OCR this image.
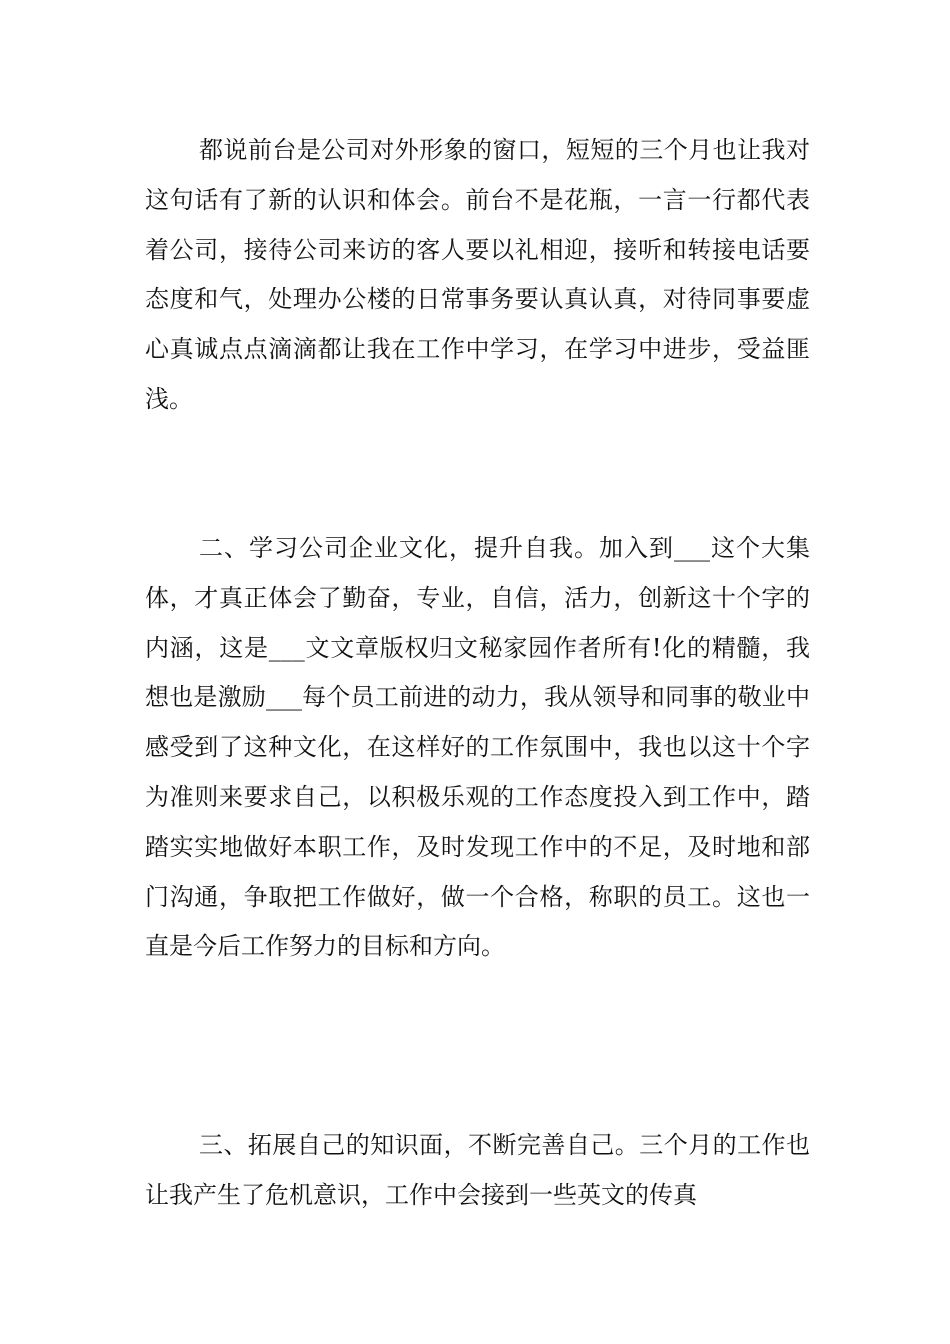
都说前台是公司对外形象的窗口，短短的三个月也让我对这句话有了新的认识和体会。前台不是花瓶，一言一行都代表着公司，接待公司来访的客人要以礼相迎，接听和转接电话要态度和气，处理办公楼的日常事务要认真认真，对待同事要虚心真诚点点滴滴都让我在工作中学习，在学习中进步，受益匪浅。

二、学习公司企业文化，提升自我。加入到___这个大集体，才真正体会了勤奋，专业，自信，活力，创新这十个字的内涵，这是___文文章版权归文秘家园作者所有!化的精髓，我想也是激励___每个员工前进的动力，我从领导和同事的敬业中感受到了这种文化，在这样好的工作氛围中，我也以这十个字为准则来要求自己，以积极乐观的工作态度投入到工作中，踏踏实实地做好本职工作，及时发现工作中的不足，及时地和部门沟通，争取把工作做好，做一个合格，称职的员工。这也一直是今后工作努力的目标和方向。

三、拓展自己的知识面，不断完善自己。三个月的工作也让我产生了危机意识，工作中会接到一些英文的传真
